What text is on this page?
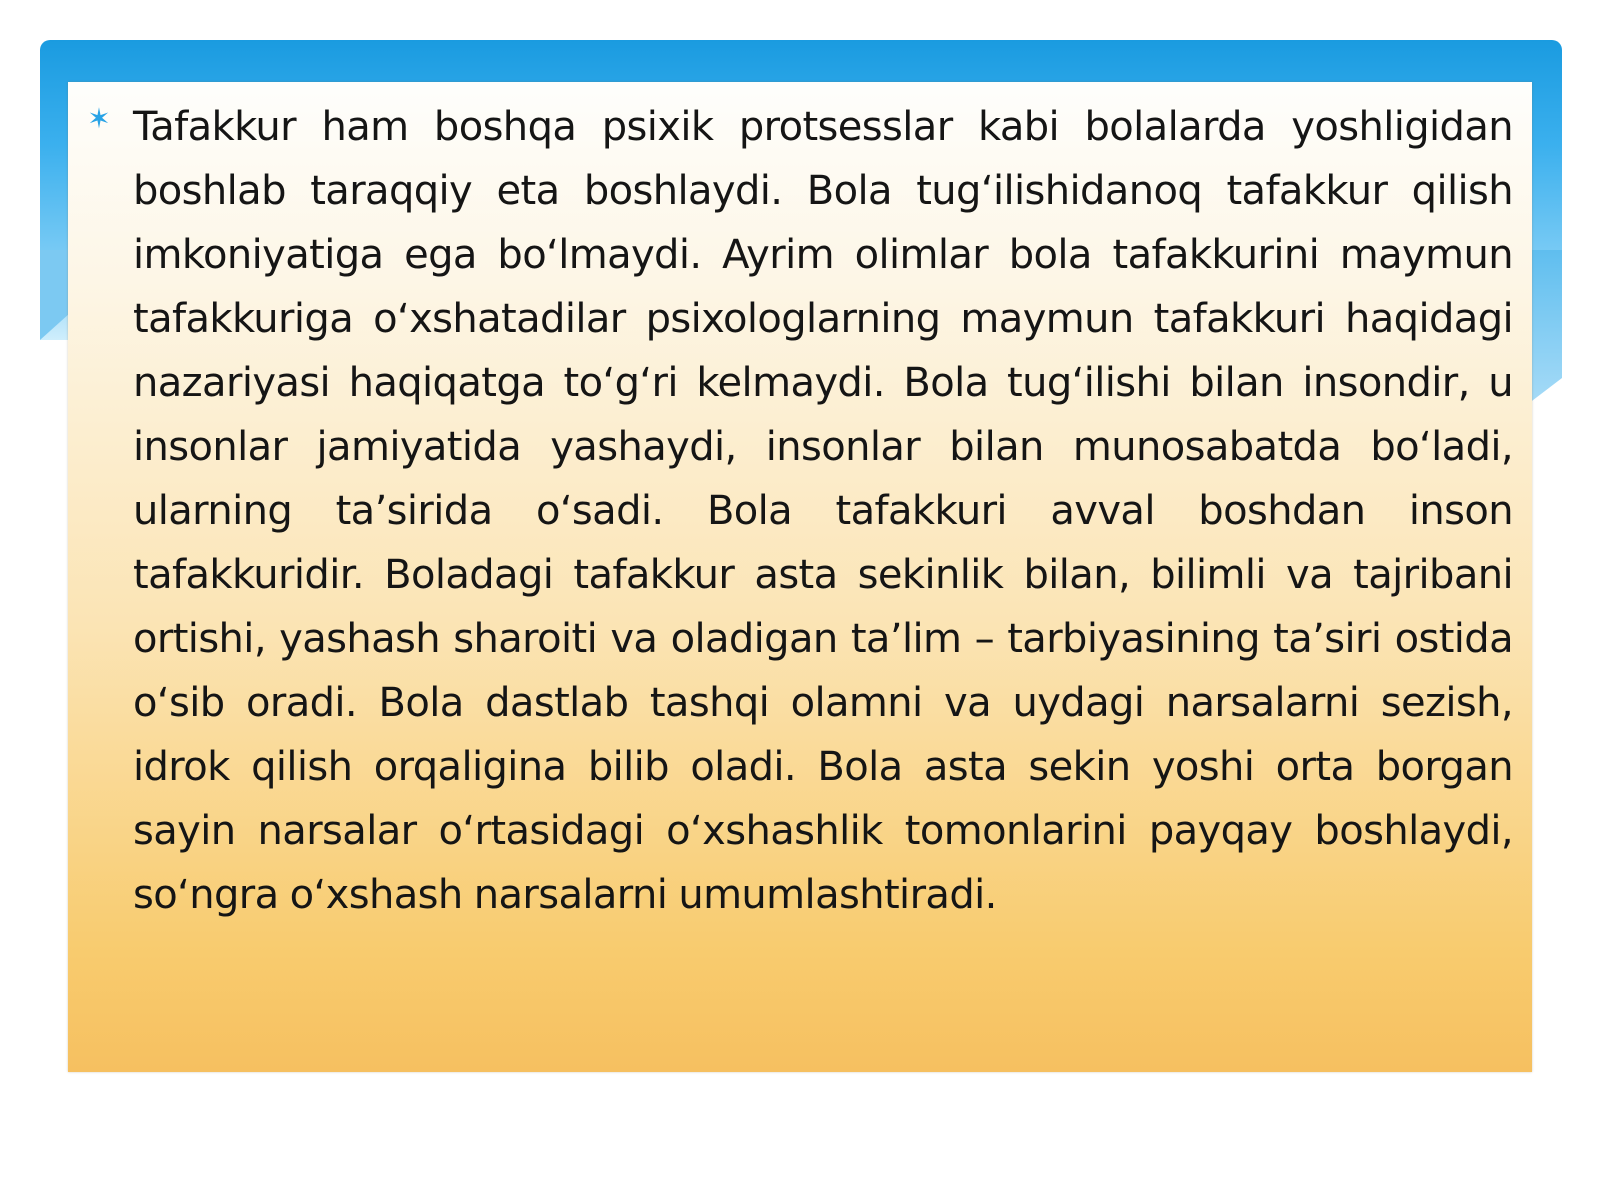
✶ Tafakkur ham boshqa psixik protsesslar kabi bolalarda yoshligidan boshlab taraqqiy eta boshlaydi. Bola tug‘ilishidanoq tafakkur qilish imkoniyatiga ega bo‘lmaydi. Ayrim olimlar bola tafakkurini maymun tafakkuriga o‘xshatadilar psixologlarning maymun tafakkuri haqidagi nazariyasi haqiqatga to‘g‘ri kelmaydi. Bola tug‘ilishi bilan insondir, u insonlar jamiyatida yashaydi, insonlar bilan munosabatda bo‘ladi, ularning ta’sirida o‘sadi. Bola tafakkuri avval boshdan inson tafakkuridir. Boladagi tafakkur asta sekinlik bilan, bilimli va tajribani ortishi, yashash sharoiti va oladigan ta’lim – tarbiyasining ta’siri ostida o‘sib oradi. Bola dastlab tashqi olamni va uydagi narsalarni sezish, idrok qilish orqaligina bilib oladi. Bola asta sekin yoshi orta borgan sayin narsalar o‘rtasidagi o‘xshashlik tomonlarini payqay boshlaydi, so‘ngra o‘xshash narsalarni umumlashtiradi.
